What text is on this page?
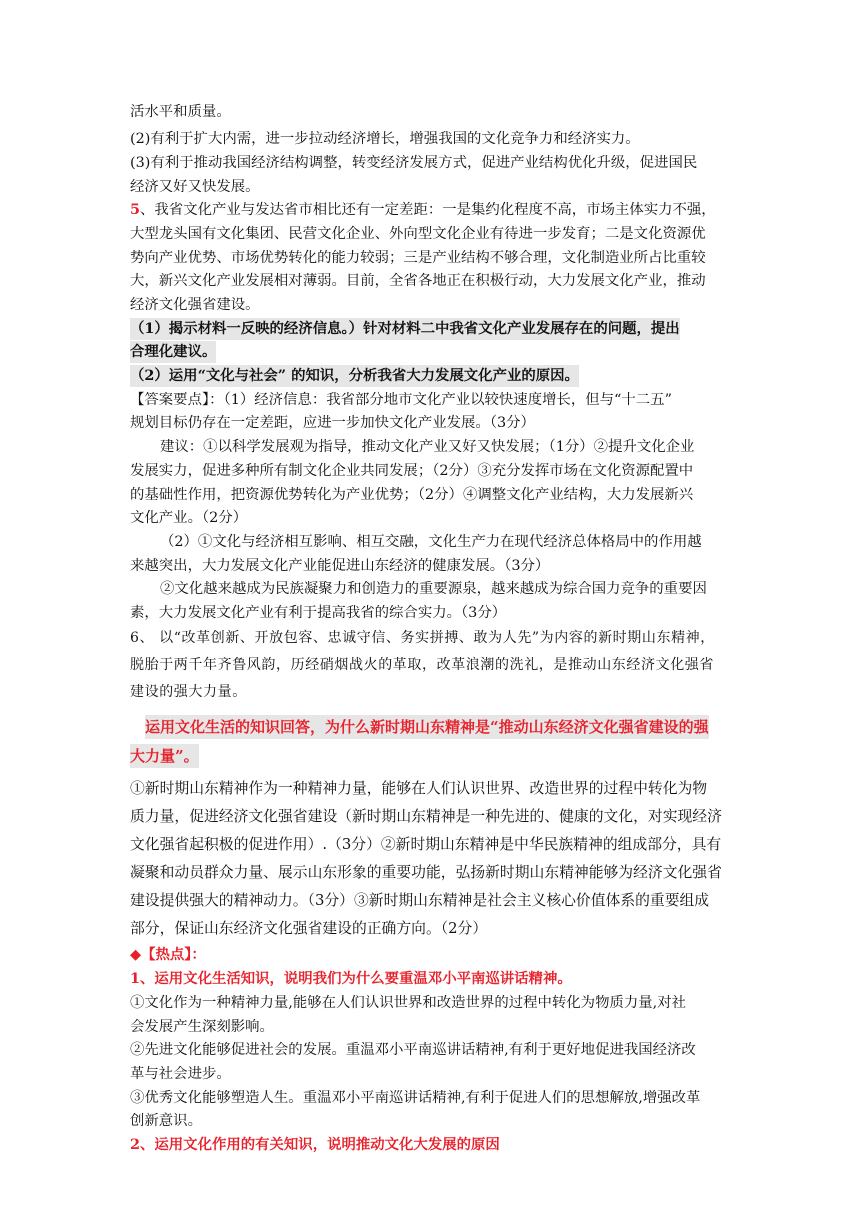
活水平和质量。
(2)有利于扩大内需，进一步拉动经济增长，增强我国的文化竞争力和经济实力。
(3)有利于推动我国经济结构调整，转变经济发展方式，促进产业结构优化升级，促进国民
经济又好又快发展。
5、我省文化产业与发达省市相比还有一定差距：一是集约化程度不高，市场主体实力不强，
大型龙头国有文化集团、民营文化企业、外向型文化企业有待进一步发育；二是文化资源优
势向产业优势、市场优势转化的能力较弱；三是产业结构不够合理，文化制造业所占比重较
大，新兴文化产业发展相对薄弱。目前，全省各地正在积极行动，大力发展文化产业，推动
经济文化强省建设。
（1）揭示材料一反映的经济信息。）针对材料二中我省文化产业发展存在的问题，提出
合理化建议。
（2）运用“文化与社会” 的知识，分析我省大力发展文化产业的原因。
【答案要点】：（1）经济信息：我省部分地市文化产业以较快速度增长，但与“十二五”
规划目标仍存在一定差距，应进一步加快文化产业发展。（3分）
建议：①以科学发展观为指导，推动文化产业又好又快发展；（1分）②提升文化企业
发展实力，促进多种所有制文化企业共同发展；（2分）③充分发挥市场在文化资源配置中
的基础性作用，把资源优势转化为产业优势；（2分）④调整文化产业结构，大力发展新兴
文化产业。（2分）
（2）①文化与经济相互影响、相互交融，文化生产力在现代经济总体格局中的作用越
来越突出，大力发展文化产业能促进山东经济的健康发展。（3分）
②文化越来越成为民族凝聚力和创造力的重要源泉，越来越成为综合国力竞争的重要因
素，大力发展文化产业有利于提高我省的综合实力。（3分）
6、 以“改革创新、开放包容、忠诚守信、务实拼搏、敢为人先”为内容的新时期山东精神，
脱胎于两千年齐鲁风韵，历经硝烟战火的革取，改革浪潮的洗礼，是推动山东经济文化强省
建设的强大力量。
运用文化生活的知识回答，为什么新时期山东精神是“推动山东经济文化强省建设的强
大力量”。
①新时期山东精神作为一种精神力量，能够在人们认识世界、改造世界的过程中转化为物
质力量，促进经济文化强省建设（新时期山东精神是一种先进的、健康的文化，对实现经济
文化强省起积极的促进作用）.（3分）②新时期山东精神是中华民族精神的组成部分，具有
凝聚和动员群众力量、展示山东形象的重要功能，弘扬新时期山东精神能够为经济文化强省
建设提供强大的精神动力。（3分）③新时期山东精神是社会主义核心价值体系的重要组成
部分，保证山东经济文化强省建设的正确方向。（2分）
◆【热点】：
1、运用文化生活知识，说明我们为什么要重温邓小平南巡讲话精神。
①文化作为一种精神力量,能够在人们认识世界和改造世界的过程中转化为物质力量,对社
会发展产生深刻影响。
②先进文化能够促进社会的发展。重温邓小平南巡讲话精神,有利于更好地促进我国经济改
革与社会进步。
③优秀文化能够塑造人生。重温邓小平南巡讲话精神,有利于促进人们的思想解放,增强改革
创新意识。
2、运用文化作用的有关知识，说明推动文化大发展的原因
